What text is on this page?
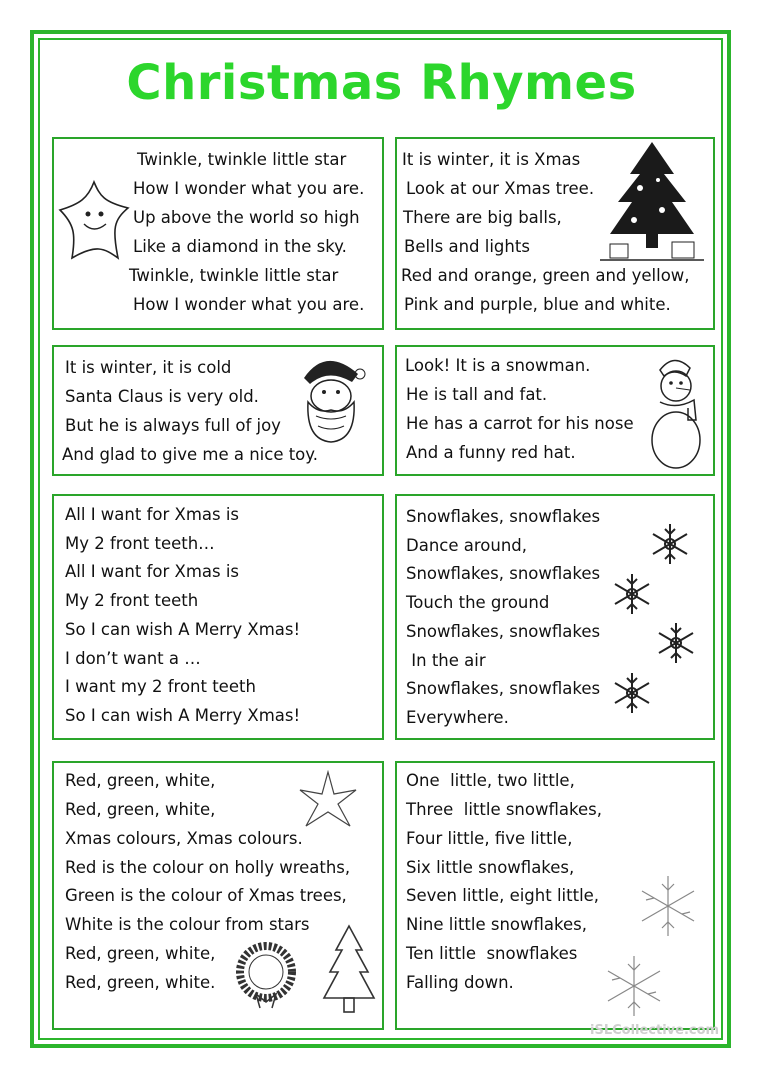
Christmas Rhymes
Twinkle, twinkle little star
How I wonder what you are.
Up above the world so high
Like a diamond in the sky.
Twinkle, twinkle little star
How I wonder what you are.
It is winter, it is Xmas
Look at our Xmas tree.
There are big balls,
Bells and lights
Red and orange, green and yellow,
Pink and purple, blue and white.
It is winter, it is cold
Santa Claus is very old.
But he is always full of joy
And glad to give me a nice toy.
Look! It is a snowman.
He is tall and fat.
He has a carrot for his nose
And a funny red hat.
All I want for Xmas is
My 2 front teeth…
All I want for Xmas is
My 2 front teeth
So I can wish A Merry Xmas!
I don’t want a …
I want my 2 front teeth
So I can wish A Merry Xmas!
Snowflakes, snowflakes
Dance around,
Snowflakes, snowflakes
Touch the ground
Snowflakes, snowflakes
In the air
Snowflakes, snowflakes
Everywhere.
Red, green, white,
Red, green, white,
Xmas colours, Xmas colours.
Red is the colour on holly wreaths,
Green is the colour of Xmas trees,
White is the colour from stars
Red, green, white,
Red, green, white.
One  little, two little,
Three  little snowflakes,
Four little, five little,
Six little snowflakes,
Seven little, eight little,
Nine little snowflakes,
Ten little  snowflakes
Falling down.
iSLCollective.com
